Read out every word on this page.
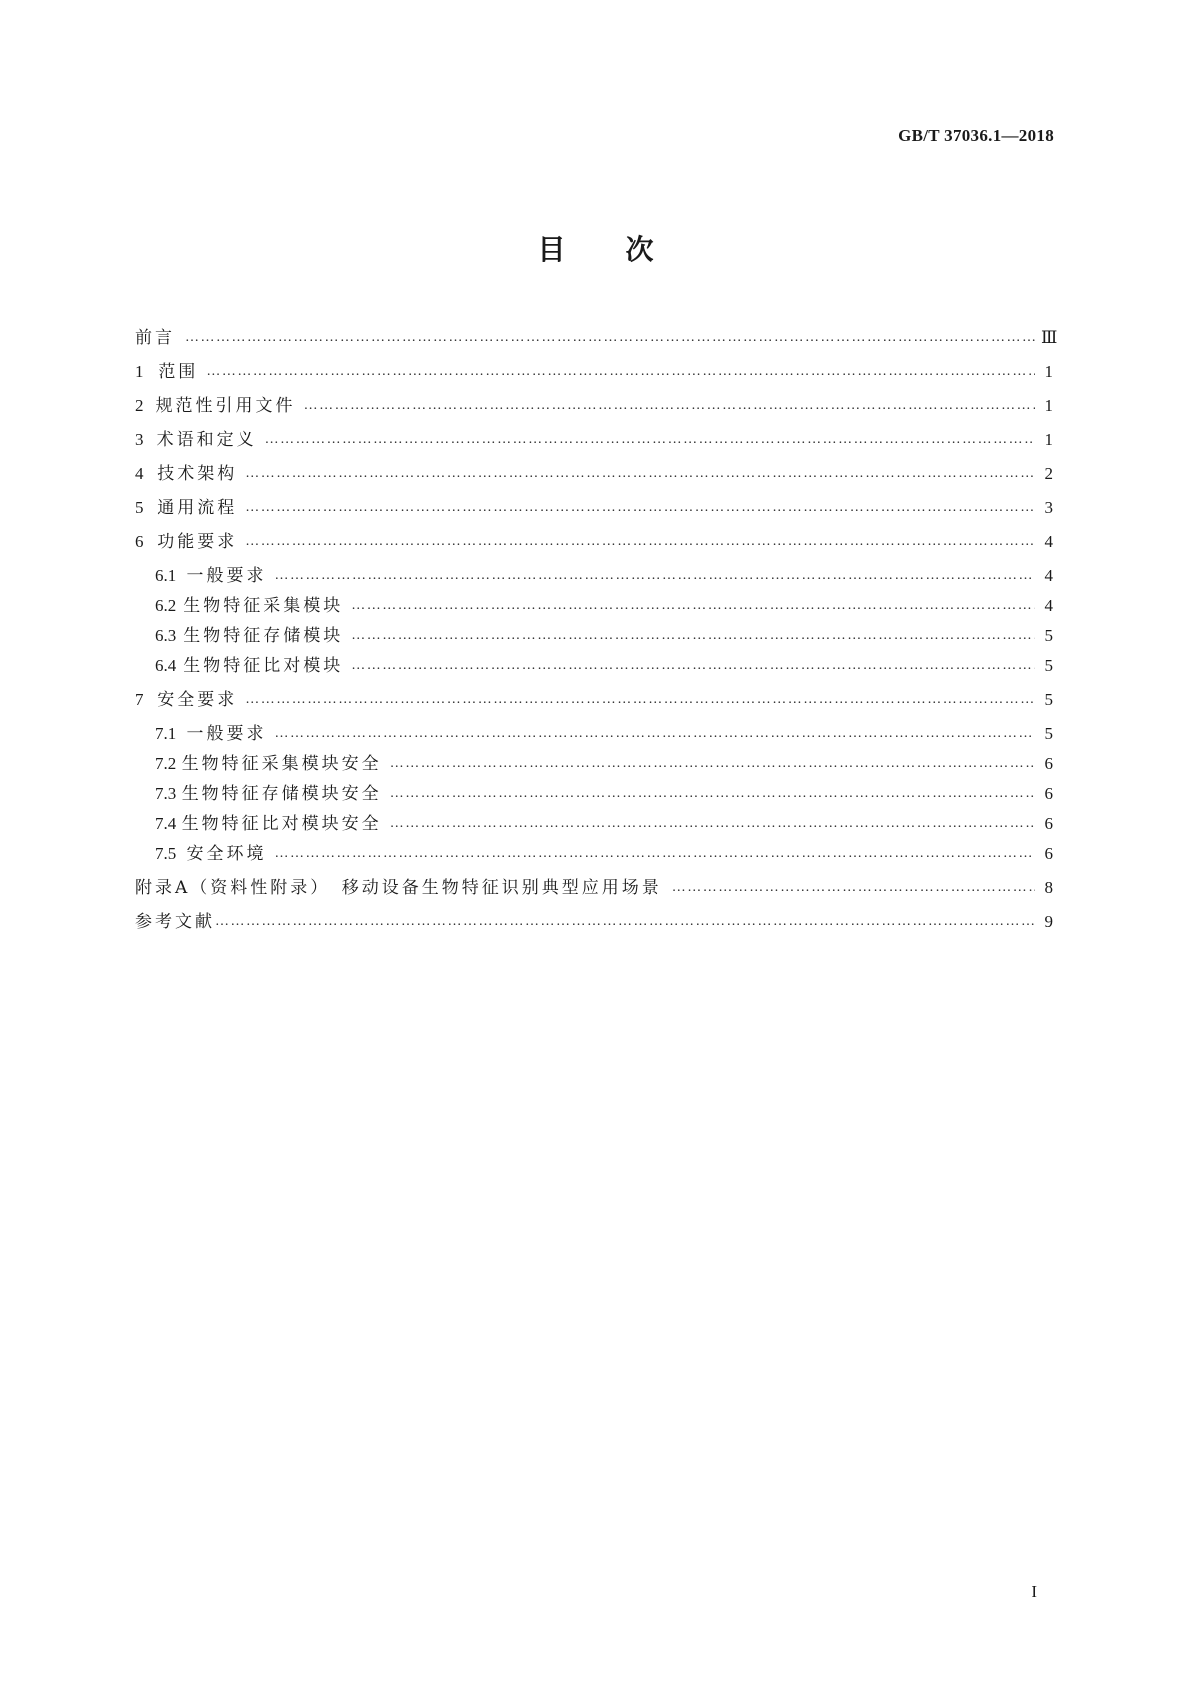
GB/T 37036.1—2018
目次
前言 ………………………………………………………………………………………………………………………………………………………………………………………………………………	Ⅲ
1 范围 ………………………………………………………………………………………………………………………………………………………………………………………………………………	1
2 规范性引用文件 ………………………………………………………………………………………………………………………………………………………………………………………………………………	1
3 术语和定义 ………………………………………………………………………………………………………………………………………………………………………………………………………………	1
4 技术架构 ………………………………………………………………………………………………………………………………………………………………………………………………………………	2
5 通用流程 ………………………………………………………………………………………………………………………………………………………………………………………………………………	3
6 功能要求 ………………………………………………………………………………………………………………………………………………………………………………………………………………	4
6.1 一般要求 ………………………………………………………………………………………………………………………………………………………………………………………………………………	4
6.2 生物特征采集模块 ………………………………………………………………………………………………………………………………………………………………………………………………………………	4
6.3 生物特征存储模块 ………………………………………………………………………………………………………………………………………………………………………………………………………………	5
6.4 生物特征比对模块 ………………………………………………………………………………………………………………………………………………………………………………………………………………	5
7 安全要求 ………………………………………………………………………………………………………………………………………………………………………………………………………………	5
7.1 一般要求 ………………………………………………………………………………………………………………………………………………………………………………………………………………	5
7.2 生物特征采集模块安全 ………………………………………………………………………………………………………………………………………………………………………………………………………………	6
7.3 生物特征存储模块安全 ………………………………………………………………………………………………………………………………………………………………………………………………………………	6
7.4 生物特征比对模块安全 ………………………………………………………………………………………………………………………………………………………………………………………………………………	6
7.5 安全环境 ………………………………………………………………………………………………………………………………………………………………………………………………………………	6
附录A（资料性附录）　移动设备生物特征识别典型应用场景 ………………………………………………………………………………………………………………………………………………………………………………………………………………	8
参考文献 ………………………………………………………………………………………………………………………………………………………………………………………………………………	9
I
